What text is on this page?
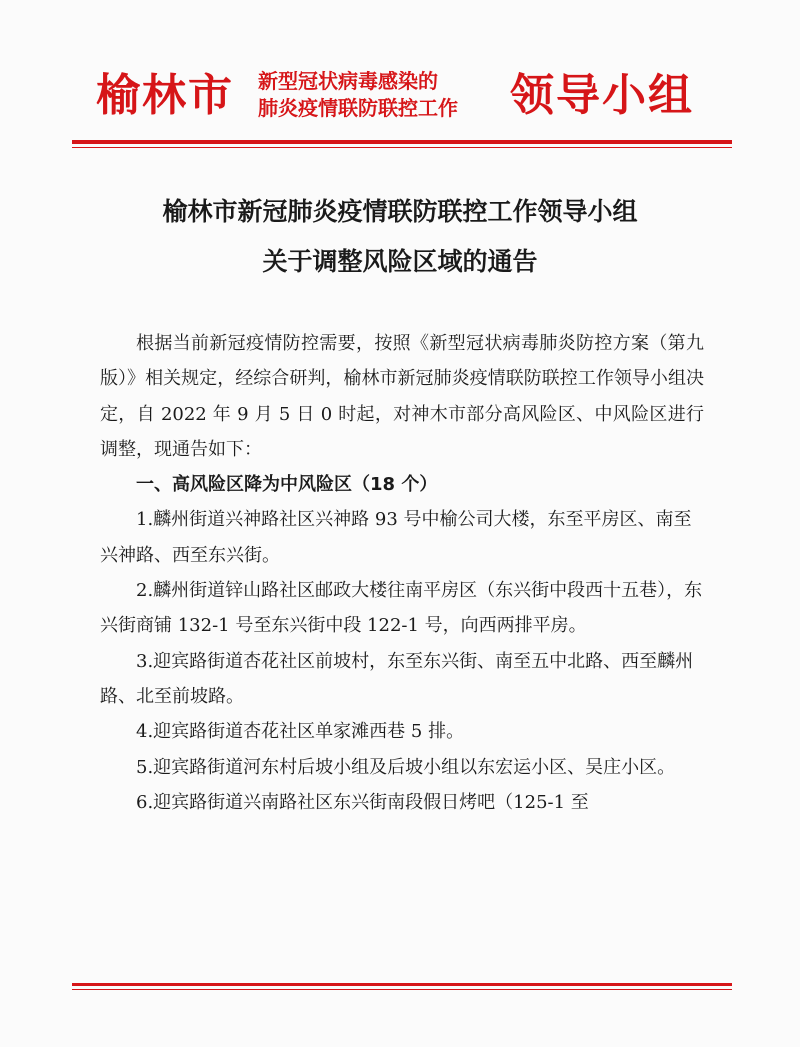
榆林市 新型冠状病毒感染的
肺炎疫情联防联控工作	领导小组
榆林市新冠肺炎疫情联防联控工作领导小组
关于调整风险区域的通告

根据当前新冠疫情防控需要，按照《新型冠状病毒肺炎防控方案（第九版）》相关规定，经综合研判，榆林市新冠肺炎疫情联防联控工作领导小组决定，自 2022 年 9 月 5 日 0 时起，对神木市部分高风险区、中风险区进行调整，现通告如下：

一、高风险区降为中风险区（18 个）

1.麟州街道兴神路社区兴神路 93 号中榆公司大楼，东至平房区、南至兴神路、西至东兴街。

2.麟州街道锌山路社区邮政大楼往南平房区（东兴街中段西十五巷），东兴街商铺 132-1 号至东兴街中段 122-1 号，向西两排平房。

3.迎宾路街道杏花社区前坡村，东至东兴街、南至五中北路、西至麟州路、北至前坡路。

4.迎宾路街道杏花社区单家滩西巷 5 排。

5.迎宾路街道河东村后坡小组及后坡小组以东宏运小区、吴庄小区。

6.迎宾路街道兴南路社区东兴街南段假日烤吧（125-1 至
